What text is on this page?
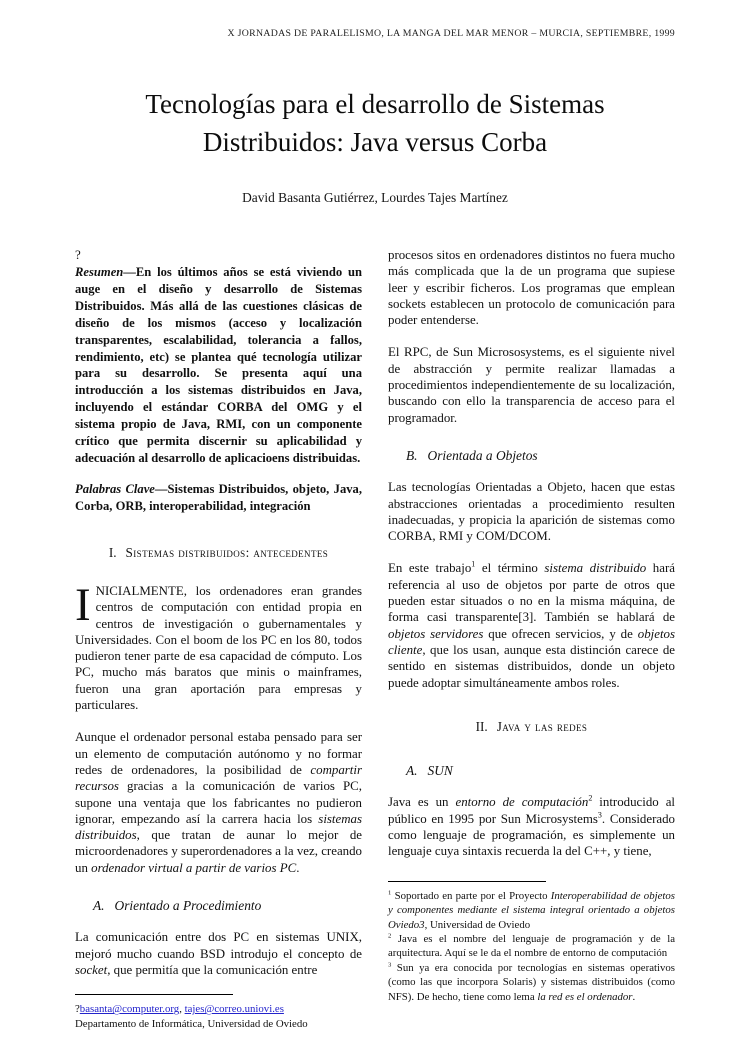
X JORNADAS DE PARALELISMO, LA MANGA DEL MAR MENOR – MURCIA, SEPTIEMBRE, 1999
Tecnologías para el desarrollo de Sistemas
Distribuidos: Java versus Corba
David Basanta Gutiérrez, Lourdes Tajes Martínez
?

Resumen—En los últimos años se está viviendo un auge en el diseño y desarrollo de Sistemas Distribuidos. Más allá de las cuestiones clásicas de diseño de los mismos (acceso y localización transparentes, escalabilidad, tolerancia a fallos, rendimiento, etc) se plantea qué tecnología utilizar para su desarrollo. Se presenta aquí una introducción a los sistemas distribuidos en Java, incluyendo el estándar CORBA del OMG y el sistema propio de Java, RMI, con un componente crítico que permita discernir su aplicabilidad y adecuación al desarrollo de aplicacioens distribuidas.

Palabras Clave—Sistemas Distribuidos, objeto, Java, Corba, ORB, interoperabilidad, integración

I. Sistemas distribuidos: antecedentes

INICIALMENTE, los ordenadores eran grandes centros de computación con entidad propia en centros de investigación o gubernamentales y Universidades. Con el boom de los PC en los 80, todos pudieron tener parte de esa capacidad de cómputo. Los PC, mucho más baratos que minis o mainframes, fueron una gran aportación para empresas y particulares.

Aunque el ordenador personal estaba pensado para ser un elemento de computación autónomo y no formar redes de ordenadores, la posibilidad de compartir recursos gracias a la comunicación de varios PC, supone una ventaja que los fabricantes no pudieron ignorar, empezando así la carrera hacia los sistemas distribuidos, que tratan de aunar lo mejor de microordenadores y superordenadores a la vez, creando un ordenador virtual a partir de varios PC.

A. Orientado a Procedimiento

La comunicación entre dos PC en sistemas UNIX, mejoró mucho cuando BSD introdujo el concepto de socket, que permitía que la comunicación entre

?basanta@computer.org, tajes@correo.uniovi.es

Departamento de Informática, Universidad de Oviedo

procesos sitos en ordenadores distintos no fuera mucho más complicada que la de un programa que supiese leer y escribir ficheros. Los programas que emplean sockets establecen un protocolo de comunicación para poder entenderse.

El RPC, de Sun Micrososystems, es el siguiente nivel de abstracción y permite realizar llamadas a procedimientos independientemente de su localización, buscando con ello la transparencia de acceso para el programador.

B. Orientada a Objetos

Las tecnologías Orientadas a Objeto, hacen que estas abstracciones orientadas a procedimiento resulten inadecuadas, y propicia la aparición de sistemas como CORBA, RMI y COM/DCOM.

En este trabajo$^1$ el término sistema distribuido hará referencia al uso de objetos por parte de otros que pueden estar situados o no en la misma máquina, de forma casi transparente[3]. También se hablará de objetos servidores que ofrecen servicios, y de objetos cliente, que los usan, aunque esta distinción carece de sentido en sistemas distribuidos, donde un objeto puede adoptar simultáneamente ambos roles.

II. Java y las redes
A. SUN

Java es un entorno de computación$^2$ introducido al público en 1995 por Sun Microsystems$^3$. Considerado como lenguaje de programación, es simplemente un lenguaje cuya sintaxis recuerda la del C++, y tiene,

$^1$ Soportado en parte por el Proyecto Interoperabilidad de objetos y componentes mediante el sistema integral orientado a objetos Oviedo3, Universidad de Oviedo

$^2$ Java es el nombre del lenguaje de programación y de la arquitectura. Aquí se le da el nombre de entorno de computación

$^3$ Sun ya era conocida por tecnologías en sistemas operativos (como las que incorpora Solaris) y sistemas distribuidos (como NFS). De hecho, tiene como lema la red es el ordenador.
